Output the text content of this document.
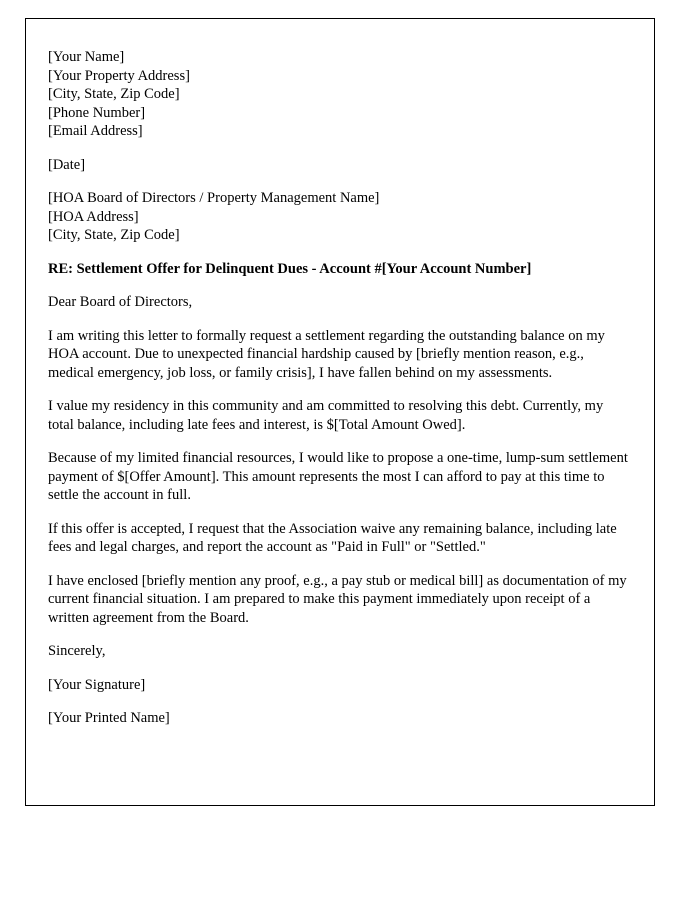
[Your Name]
[Your Property Address]
[City, State, Zip Code]
[Phone Number]
[Email Address]

[Date]

[HOA Board of Directors / Property Management Name]
[HOA Address]
[City, State, Zip Code]

RE: Settlement Offer for Delinquent Dues - Account #[Your Account Number]

Dear Board of Directors,

I am writing this letter to formally request a settlement regarding the outstanding balance on my HOA account. Due to unexpected financial hardship caused by [briefly mention reason, e.g., medical emergency, job loss, or family crisis], I have fallen behind on my assessments.

I value my residency in this community and am committed to resolving this debt. Currently, my total balance, including late fees and interest, is $[Total Amount Owed].

Because of my limited financial resources, I would like to propose a one-time, lump-sum settlement payment of $[Offer Amount]. This amount represents the most I can afford to pay at this time to settle the account in full.

If this offer is accepted, I request that the Association waive any remaining balance, including late fees and legal charges, and report the account as "Paid in Full" or "Settled."

I have enclosed [briefly mention any proof, e.g., a pay stub or medical bill] as documentation of my current financial situation. I am prepared to make this payment immediately upon receipt of a written agreement from the Board.

Sincerely,

[Your Signature]

[Your Printed Name]
